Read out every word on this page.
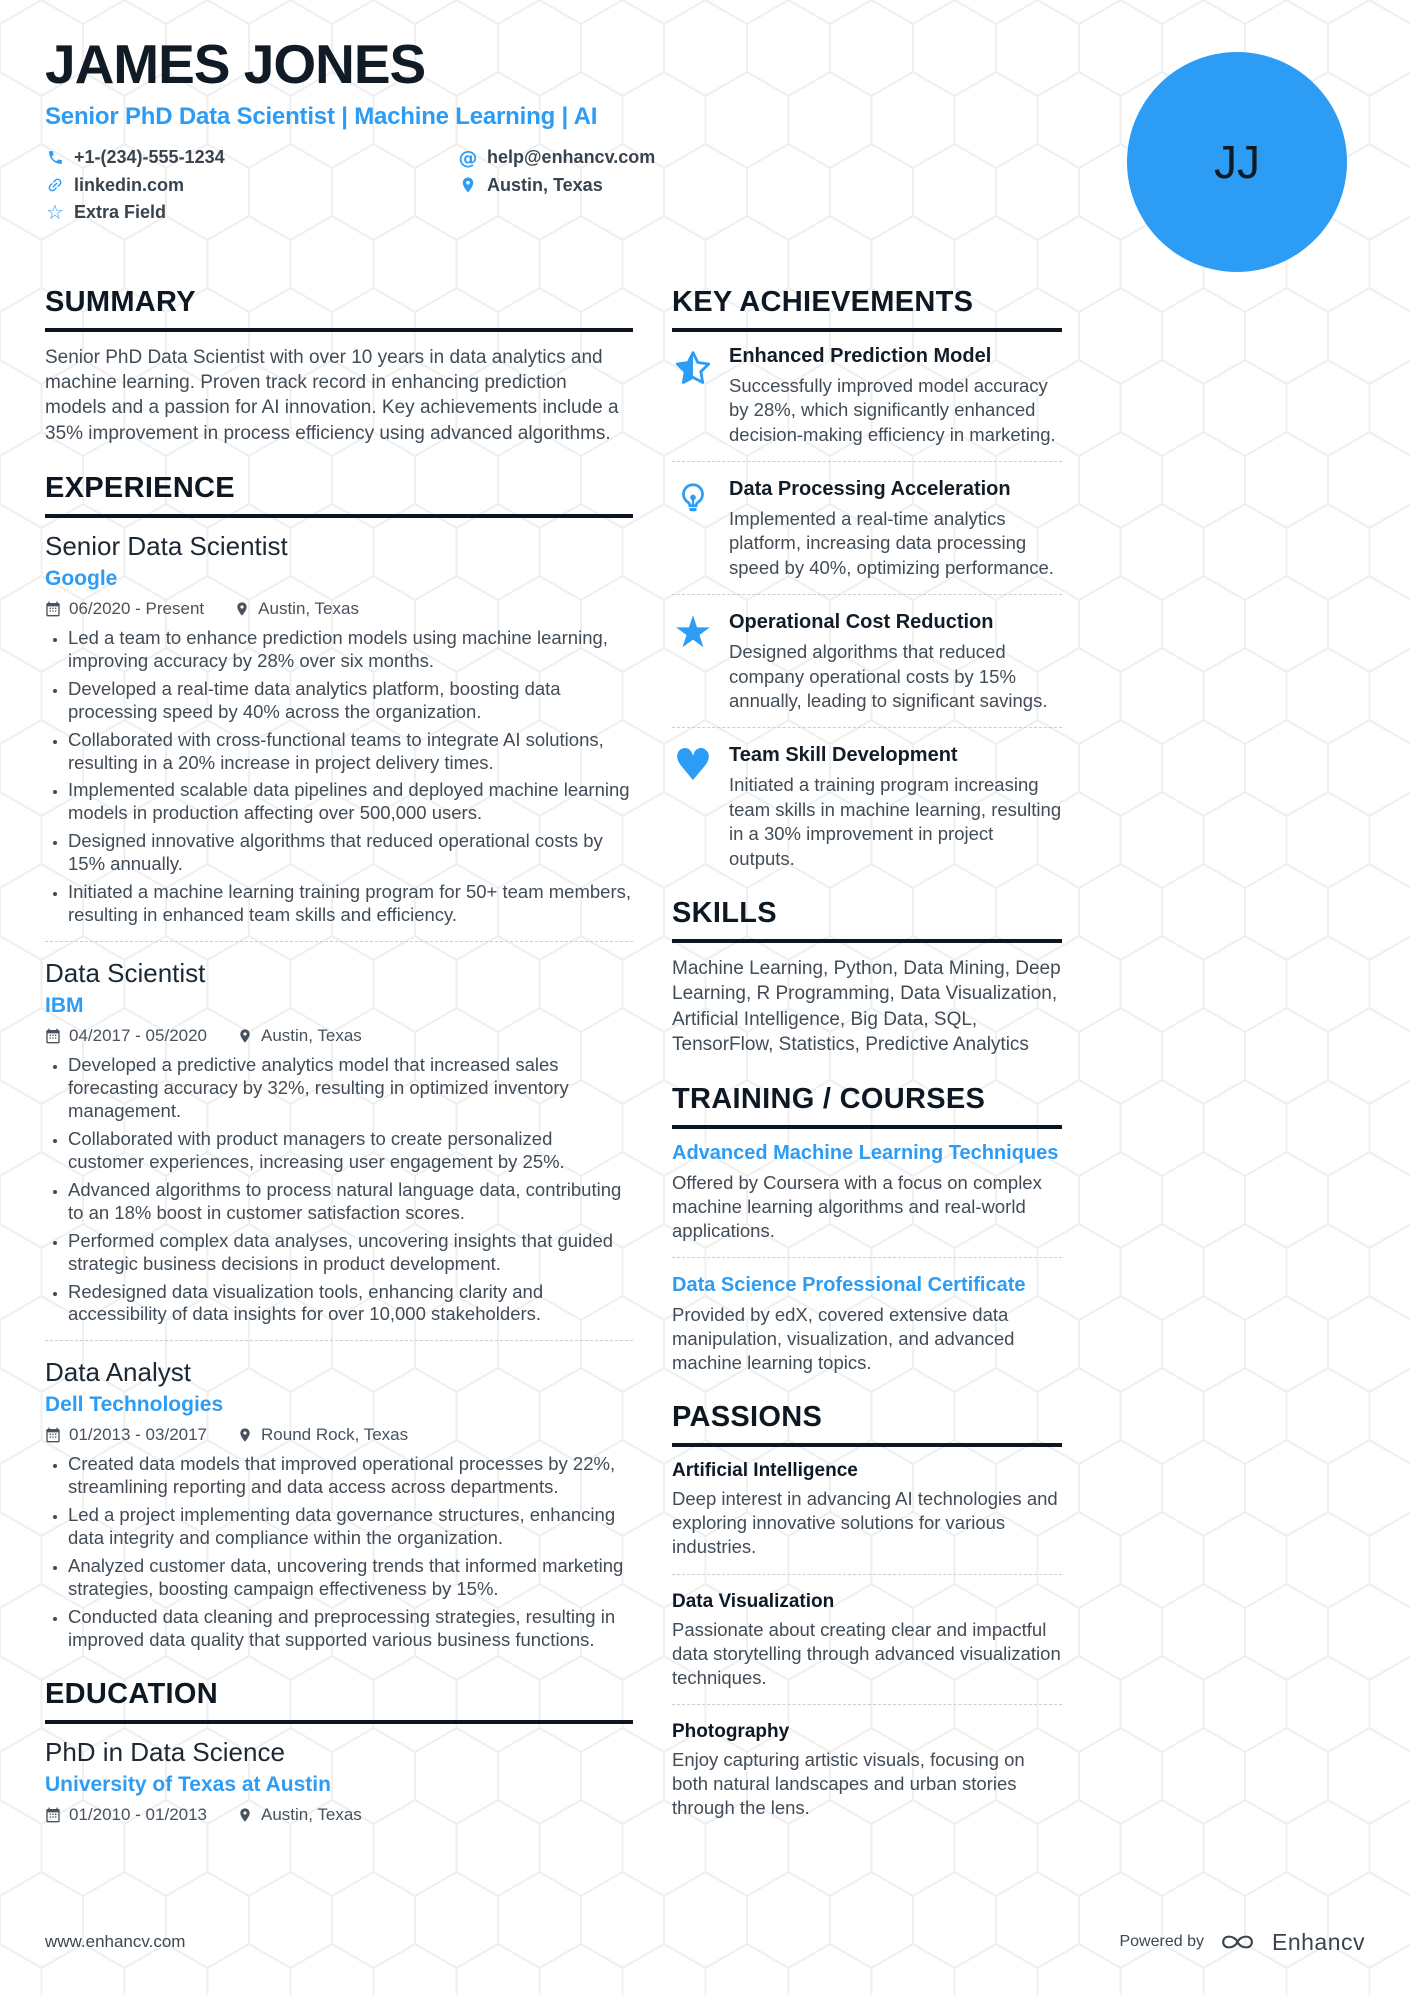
JJ
JAMES JONES
Senior PhD Data Scientist | Machine Learning | AI
+1-(234)-555-1234	@ help@enhancv.com
linkedin.com	Austin, Texas
☆ Extra Field
SUMMARY
Senior PhD Data Scientist with over 10 years in data analytics and machine learning. Proven track record in enhancing prediction models and a passion for AI innovation. Key achievements include a 35% improvement in process efficiency using advanced algorithms.
EXPERIENCE
Senior Data Scientist
Google
06/2020 - Present	Austin, Texas
• Led a team to enhance prediction models using machine learning, improving accuracy by 28% over six months.
• Developed a real-time data analytics platform, boosting data processing speed by 40% across the organization.
• Collaborated with cross-functional teams to integrate AI solutions, resulting in a 20% increase in project delivery times.
• Implemented scalable data pipelines and deployed machine learning models in production affecting over 500,000 users.
• Designed innovative algorithms that reduced operational costs by 15% annually.
• Initiated a machine learning training program for 50+ team members, resulting in enhanced team skills and efficiency.
Data Scientist
IBM
04/2017 - 05/2020	Austin, Texas
• Developed a predictive analytics model that increased sales forecasting accuracy by 32%, resulting in optimized inventory management.
• Collaborated with product managers to create personalized customer experiences, increasing user engagement by 25%.
• Advanced algorithms to process natural language data, contributing to an 18% boost in customer satisfaction scores.
• Performed complex data analyses, uncovering insights that guided strategic business decisions in product development.
• Redesigned data visualization tools, enhancing clarity and accessibility of data insights for over 10,000 stakeholders.
Data Analyst
Dell Technologies
01/2013 - 03/2017	Round Rock, Texas
• Created data models that improved operational processes by 22%, streamlining reporting and data access across departments.
• Led a project implementing data governance structures, enhancing data integrity and compliance within the organization.
• Analyzed customer data, uncovering trends that informed marketing strategies, boosting campaign effectiveness by 15%.
• Conducted data cleaning and preprocessing strategies, resulting in improved data quality that supported various business functions.
EDUCATION
PhD in Data Science
University of Texas at Austin
01/2010 - 01/2013	Austin, Texas
KEY ACHIEVEMENTS
Enhanced Prediction Model
Successfully improved model accuracy by 28%, which significantly enhanced decision-making efficiency in marketing.
Data Processing Acceleration
Implemented a real-time analytics platform, increasing data processing speed by 40%, optimizing performance.
★ Operational Cost Reduction
Designed algorithms that reduced company operational costs by 15% annually, leading to significant savings.
♥ Team Skill Development
Initiated a training program increasing team skills in machine learning, resulting in a 30% improvement in project outputs.
SKILLS
Machine Learning, Python, Data Mining, Deep Learning, R Programming, Data Visualization, Artificial Intelligence, Big Data, SQL, TensorFlow, Statistics, Predictive Analytics
TRAINING / COURSES
Advanced Machine Learning Techniques
Offered by Coursera with a focus on complex machine learning algorithms and real-world applications.
Data Science Professional Certificate
Provided by edX, covered extensive data manipulation, visualization, and advanced machine learning topics.
PASSIONS
Artificial Intelligence
Deep interest in advancing AI technologies and exploring innovative solutions for various industries.
Data Visualization
Passionate about creating clear and impactful data storytelling through advanced visualization techniques.
Photography
Enjoy capturing artistic visuals, focusing on both natural landscapes and urban stories through the lens.
www.enhancv.com	Powered by	Enhancv
